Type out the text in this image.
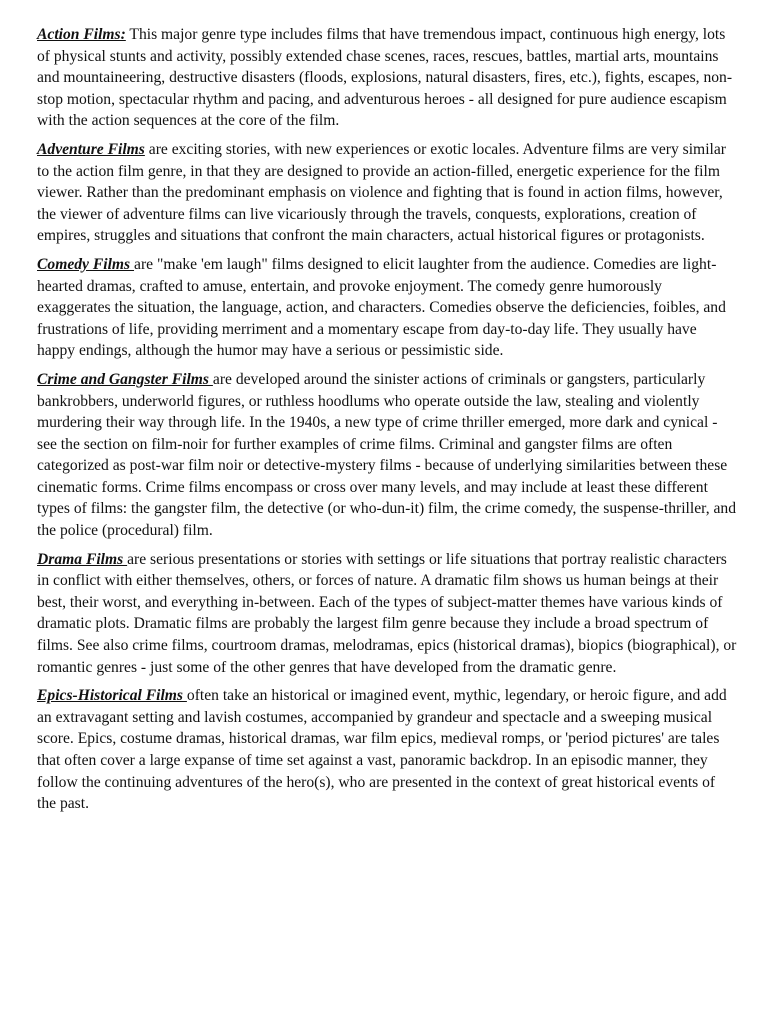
Action Films: This major genre type includes films that have tremendous impact, continuous high energy, lots of physical stunts and activity, possibly extended chase scenes, races, rescues, battles, martial arts, mountains and mountaineering, destructive disasters (floods, explosions, natural disasters, fires, etc.), fights, escapes, non-stop motion, spectacular rhythm and pacing, and adventurous heroes - all designed for pure audience escapism with the action sequences at the core of the film.

Adventure Films are exciting stories, with new experiences or exotic locales. Adventure films are very similar to the action film genre, in that they are designed to provide an action-filled, energetic experience for the film viewer. Rather than the predominant emphasis on violence and fighting that is found in action films, however, the viewer of adventure films can live vicariously through the travels, conquests, explorations, creation of empires, struggles and situations that confront the main characters, actual historical figures or protagonists.

Comedy Films are "make 'em laugh" films designed to elicit laughter from the audience. Comedies are light-hearted dramas, crafted to amuse, entertain, and provoke enjoyment. The comedy genre humorously exaggerates the situation, the language, action, and characters. Comedies observe the deficiencies, foibles, and frustrations of life, providing merriment and a momentary escape from day-to-day life. They usually have happy endings, although the humor may have a serious or pessimistic side.

Crime and Gangster Films are developed around the sinister actions of criminals or gangsters, particularly bankrobbers, underworld figures, or ruthless hoodlums who operate outside the law, stealing and violently murdering their way through life. In the 1940s, a new type of crime thriller emerged, more dark and cynical - see the section on film-noir for further examples of crime films. Criminal and gangster films are often categorized as post-war film noir or detective-mystery films - because of underlying similarities between these cinematic forms. Crime films encompass or cross over many levels, and may include at least these different types of films: the gangster film, the detective (or who-dun-it) film, the crime comedy, the suspense-thriller, and the police (procedural) film.

Drama Films are serious presentations or stories with settings or life situations that portray realistic characters in conflict with either themselves, others, or forces of nature. A dramatic film shows us human beings at their best, their worst, and everything in-between. Each of the types of subject-matter themes have various kinds of dramatic plots. Dramatic films are probably the largest film genre because they include a broad spectrum of films. See also crime films, courtroom dramas, melodramas, epics (historical dramas), biopics (biographical), or romantic genres - just some of the other genres that have developed from the dramatic genre.

Epics-Historical Films often take an historical or imagined event, mythic, legendary, or heroic figure, and add an extravagant setting and lavish costumes, accompanied by grandeur and spectacle and a sweeping musical score. Epics, costume dramas, historical dramas, war film epics, medieval romps, or 'period pictures' are tales that often cover a large expanse of time set against a vast, panoramic backdrop. In an episodic manner, they follow the continuing adventures of the hero(s), who are presented in the context of great historical events of the past.
